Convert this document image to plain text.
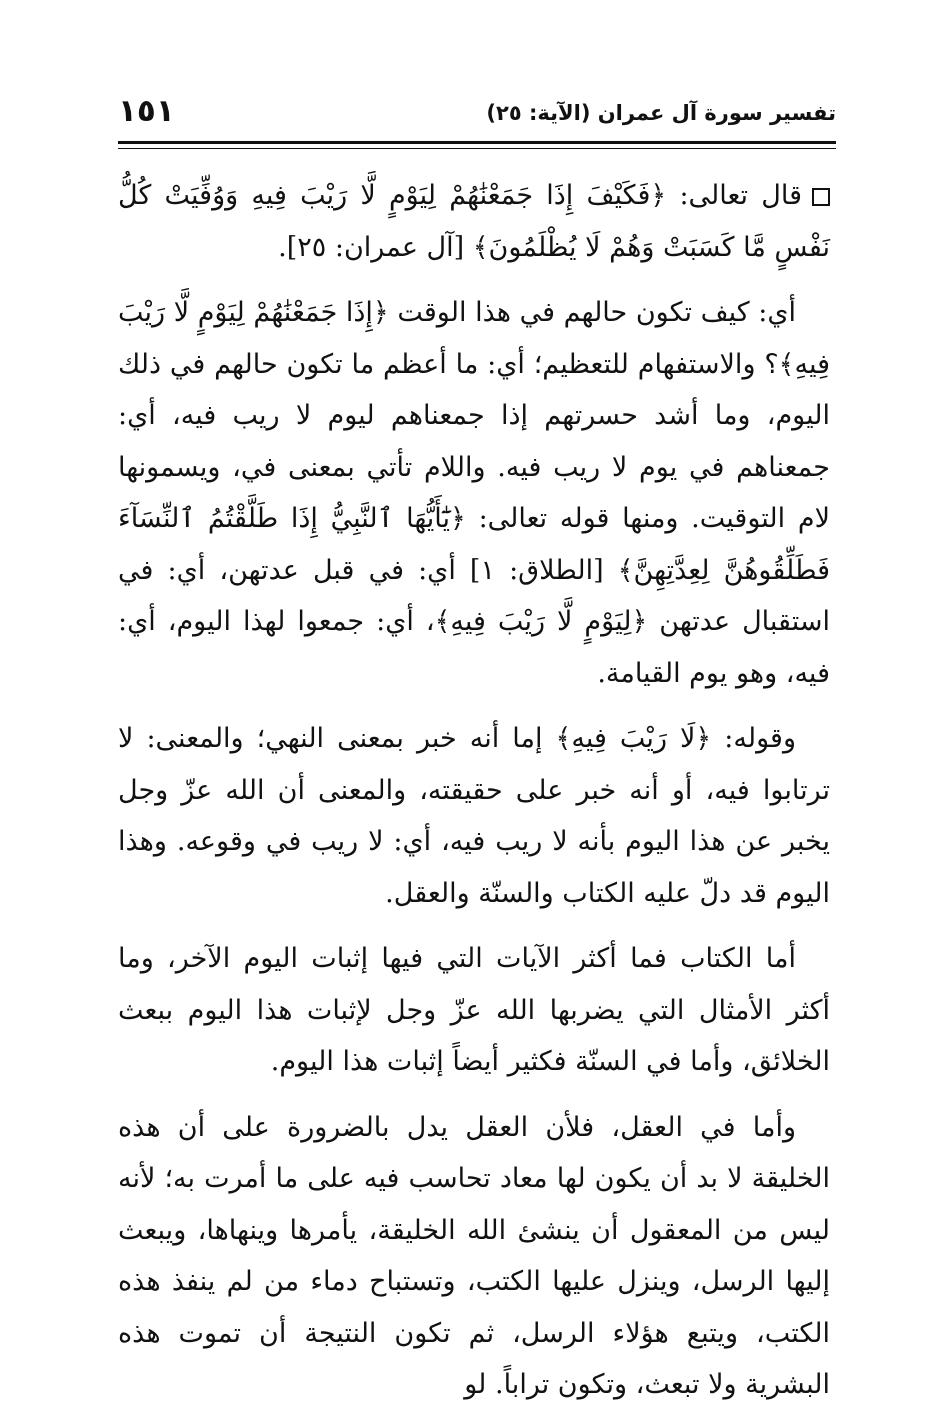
١٥١	تفسير سورة آل عمران (الآية: ٢٥)

قال تعالى: ﴿فَكَيْفَ إِذَا جَمَعْنَٰهُمْ لِيَوْمٍ لَّا رَيْبَ فِيهِ وَوُفِّيَتْ كُلُّ نَفْسٍ مَّا كَسَبَتْ وَهُمْ لَا يُظْلَمُونَ﴾ [آل عمران: ٢٥].

أي: كيف تكون حالهم في هذا الوقت ﴿إِذَا جَمَعْنَٰهُمْ لِيَوْمٍ لَّا رَيْبَ فِيهِ﴾؟ والاستفهام للتعظيم؛ أي: ما أعظم ما تكون حالهم في ذلك اليوم، وما أشد حسرتهم إذا جمعناهم ليوم لا ريب فيه، أي: جمعناهم في يوم لا ريب فيه. واللام تأتي بمعنى في، ويسمونها لام التوقيت. ومنها قوله تعالى: ﴿يَٰٓأَيُّهَا ٱلنَّبِيُّ إِذَا طَلَّقْتُمُ ٱلنِّسَآءَ فَطَلِّقُوهُنَّ لِعِدَّتِهِنَّ﴾ [الطلاق: ١] أي: في قبل عدتهن، أي: في استقبال عدتهن ﴿لِيَوْمٍ لَّا رَيْبَ فِيهِ﴾، أي: جمعوا لهذا اليوم، أي: فيه، وهو يوم القيامة.

وقوله: ﴿لَا رَيْبَ فِيهِ﴾ إما أنه خبر بمعنى النهي؛ والمعنى: لا ترتابوا فيه، أو أنه خبر على حقيقته، والمعنى أن الله عزّ وجل يخبر عن هذا اليوم بأنه لا ريب فيه، أي: لا ريب في وقوعه. وهذا اليوم قد دلّ عليه الكتاب والسنّة والعقل.

أما الكتاب فما أكثر الآيات التي فيها إثبات اليوم الآخر، وما أكثر الأمثال التي يضربها الله عزّ وجل لإثبات هذا اليوم ببعث الخلائق، وأما في السنّة فكثير أيضاً إثبات هذا اليوم.

وأما في العقل، فلأن العقل يدل بالضرورة على أن هذه الخليقة لا بد أن يكون لها معاد تحاسب فيه على ما أمرت به؛ لأنه ليس من المعقول أن ينشئ الله الخليقة، يأمرها وينهاها، ويبعث إليها الرسل، وينزل عليها الكتب، وتستباح دماء من لم ينفذ هذه الكتب، ويتبع هؤلاء الرسل، ثم تكون النتيجة أن تموت هذه البشرية ولا تبعث، وتكون تراباً. لو
